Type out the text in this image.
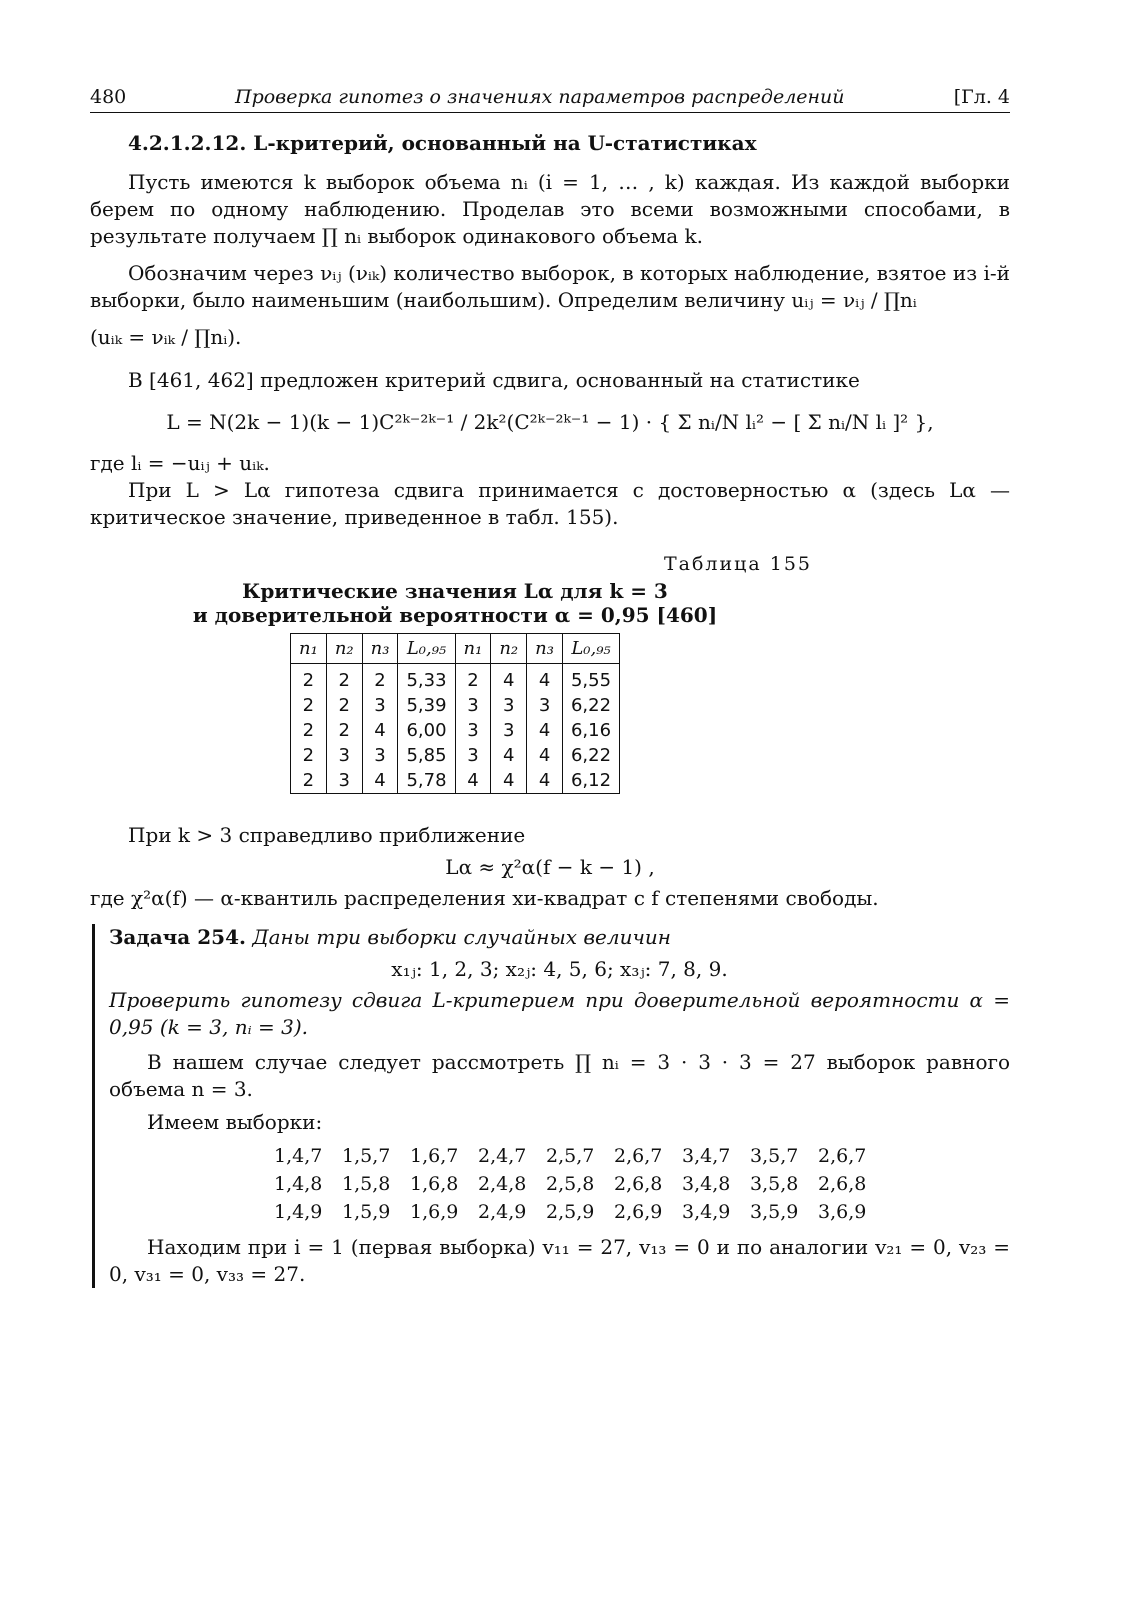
480	Проверка гипотез о значениях параметров распределений	[Гл. 4
4.2.1.2.12. L-критерий, основанный на U-статистиках

Пусть имеются k выборок объема nᵢ (i = 1, … , k) каждая. Из каждой выборки берем по одному наблюдению. Проделав это всеми возможными способами, в результате получаем ∏ nᵢ выборок одинакового объема k.

Обозначим через νᵢⱼ (νᵢₖ) количество выборок, в которых наблюдение, взятое из i-й выборки, было наименьшим (наибольшим). Определим величину uᵢⱼ = νᵢⱼ / ∏nᵢ

(uᵢₖ = νᵢₖ / ∏nᵢ).

В [461, 462] предложен критерий сдвига, основанный на статистике

L = N(2k − 1)(k − 1)C²ᵏ⁻²ᵏ⁻¹ / 2k²(C²ᵏ⁻²ᵏ⁻¹ − 1) · { Σ nᵢ/N lᵢ² − [ Σ nᵢ/N lᵢ ]² },

где lᵢ = −uᵢⱼ + uᵢₖ.

При L > Lα гипотеза сдвига принимается с достоверностью α (здесь Lα — критическое значение, приведенное в табл. 155).

Таблица 155
Критические значения Lα для k = 3
и доверительной вероятности α = 0,95 [460]
n₁	n₂	n₃	L₀,₉₅	n₁	n₂	n₃	L₀,₉₅
2	2	2	5,33	2	4	4	5,55
2	2	3	5,39	3	3	3	6,22
2	2	4	6,00	3	3	4	6,16
2	3	3	5,85	3	4	4	6,22
2	3	4	5,78	4	4	4	6,12

При k > 3 справедливо приближение

Lα ≈ χ²α(f − k − 1) ,

где χ²α(f) — α-квантиль распределения хи-квадрат с f степенями свободы.

Задача 254. Даны три выборки случайных величин

x₁ⱼ: 1, 2, 3; x₂ⱼ: 4, 5, 6; x₃ⱼ: 7, 8, 9.

Проверить гипотезу сдвига L-критерием при доверительной вероятности α = 0,95 (k = 3, nᵢ = 3).

В нашем случае следует рассмотреть ∏ nᵢ = 3 · 3 · 3 = 27 выборок равного объема n = 3.

Имеем выборки:

1,4,7	1,5,7	1,6,7	2,4,7	2,5,7	2,6,7	3,4,7	3,5,7	2,6,7
1,4,8	1,5,8	1,6,8	2,4,8	2,5,8	2,6,8	3,4,8	3,5,8	2,6,8
1,4,9	1,5,9	1,6,9	2,4,9	2,5,9	2,6,9	3,4,9	3,5,9	3,6,9

Находим при i = 1 (первая выборка) v₁₁ = 27, v₁₃ = 0 и по аналогии v₂₁ = 0, v₂₃ = 0, v₃₁ = 0, v₃₃ = 27.
